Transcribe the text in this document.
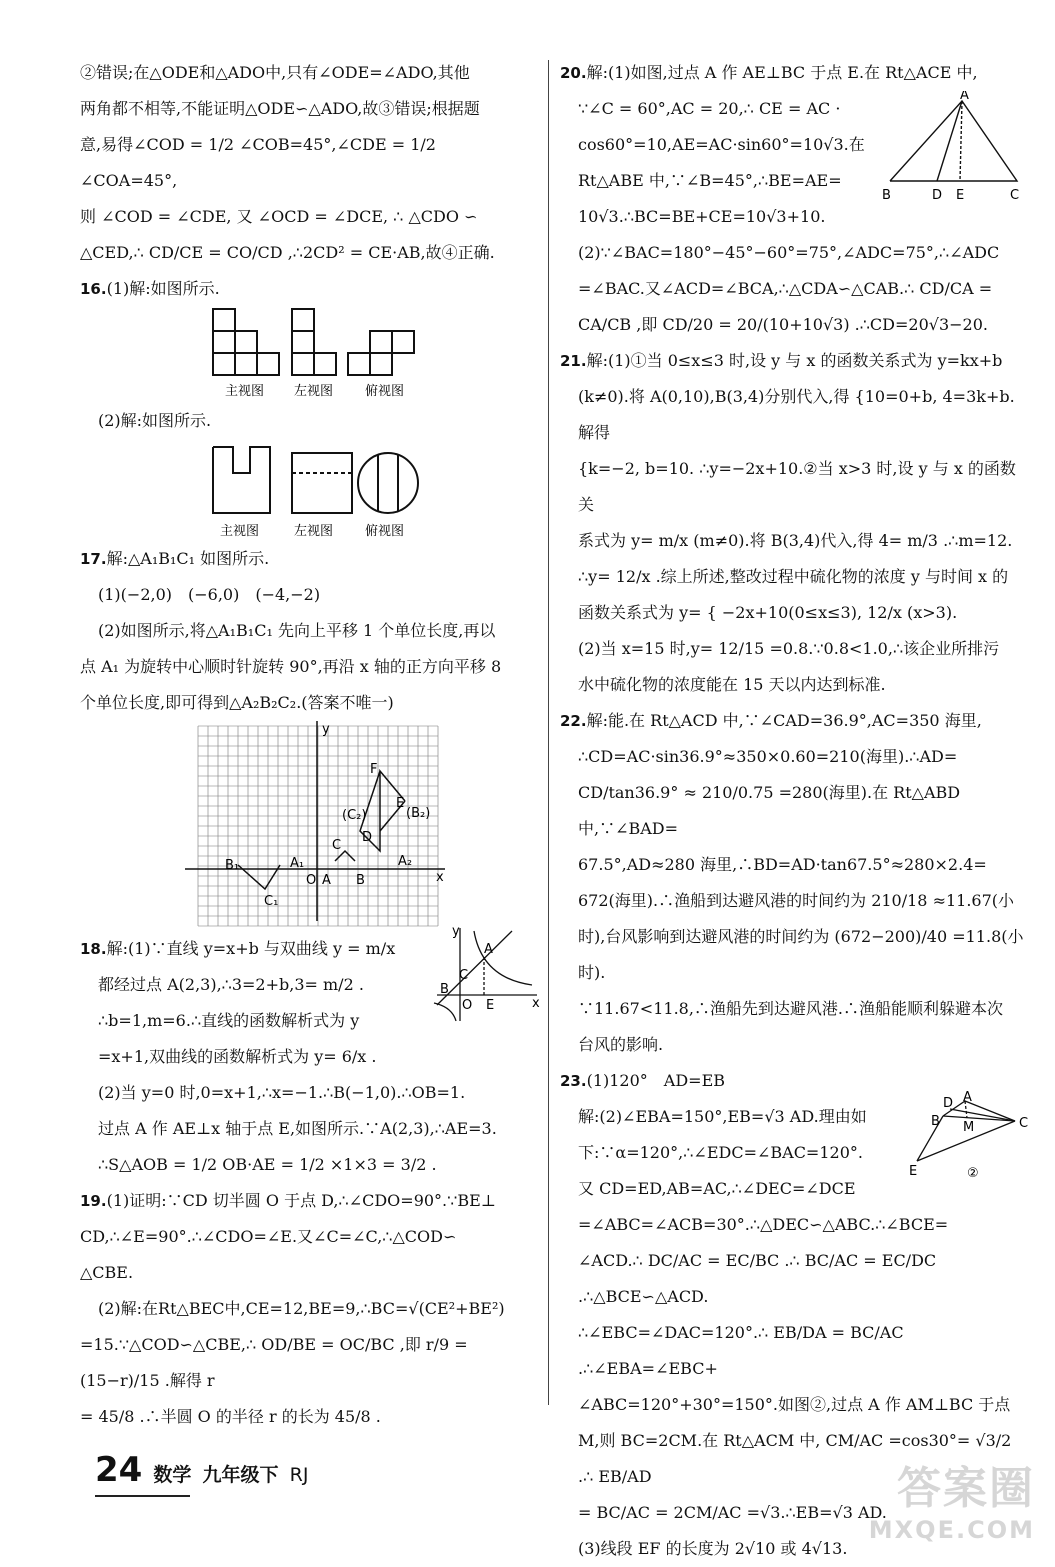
②错误;在△ODE和△ADO中,只有∠ODE=∠ADO,其他

两角都不相等,不能证明△ODE∽△ADO,故③错误;根据题

意,易得∠COD = 1/2 ∠COB=45°,∠CDE = 1/2 ∠COA=45°,

则 ∠COD = ∠CDE, 又 ∠OCD = ∠DCE, ∴ △CDO ∽

△CED,∴ CD/CE = CO/CD ,∴2CD² = CE·AB,故④正确.

16.(1)解:如图所示.

主视图 左视图 俯视图

(2)解:如图所示.

主视图	左视图 俯视图

17.解:△A₁B₁C₁ 如图所示.

(1)(−2,0)　(−6,0)　(−4,−2)

(2)如图所示,将△A₁B₁C₁ 先向上平移 1 个单位长度,再以

点 A₁ 为旋转中心顺时针旋转 90°,再沿 x 轴的正方向平移 8

个单位长度,即可得到△A₂B₂C₂.(答案不唯一)

y
x
O A B
C
B₁	A₁
C₁
F
E
(B₂)
(C₂)
D
A₂

18.解:(1)∵直线 y=x+b 与双曲线 y = m/x

都经过点 A(2,3),∴3=2+b,3= m/2 .

∴b=1,m=6.∴直线的函数解析式为 y

=x+1,双曲线的函数解析式为 y= 6/x .

(2)当 y=0 时,0=x+1,∴x=−1.∴B(−1,0).∴OB=1.

过点 A 作 AE⊥x 轴于点 E,如图所示.∵A(2,3),∴AE=3.

∴S△AOB = 1/2 OB·AE = 1/2 ×1×3 = 3/2 .

y
x
A
C
B
O E

19.(1)证明:∵CD 切半圆 O 于点 D,∴∠CDO=90°.∵BE⊥

CD,∴∠E=90°.∴∠CDO=∠E.又∠C=∠C,∴△COD∽

△CBE.

(2)解:在Rt△BEC中,CE=12,BE=9,∴BC=√(CE²+BE²)

=15.∵△COD∽△CBE,∴ OD/BE = OC/BC ,即 r/9 = (15−r)/15 .解得 r

= 45/8 .∴半圆 O 的半径 r 的长为 45/8 .

20.解:(1)如图,过点 A 作 AE⊥BC 于点 E.在 Rt△ACE 中,

∵∠C = 60°,AC = 20,∴ CE = AC ·

cos60°=10,AE=AC·sin60°=10√3.在

Rt△ABE 中,∵∠B=45°,∴BE=AE=

10√3.∴BC=BE+CE=10√3+10.

(2)∵∠BAC=180°−45°−60°=75°,∠ADC=75°,∴∠ADC

=∠BAC.又∠ACD=∠BCA,∴△CDA∽△CAB.∴ CD/CA =

CA/CB ,即 CD/20 = 20/(10+10√3) .∴CD=20√3−20.

A
B	D E	C

21.解:(1)①当 0≤x≤3 时,设 y 与 x 的函数关系式为 y=kx+b

(k≠0).将 A(0,10),B(3,4)分别代入,得 {10=0+b, 4=3k+b.解得

{k=−2, b=10. ∴y=−2x+10.②当 x>3 时,设 y 与 x 的函数关

系式为 y= m/x (m≠0).将 B(3,4)代入,得 4= m/3 .∴m=12.

∴y= 12/x .综上所述,整改过程中硫化物的浓度 y 与时间 x 的

函数关系式为 y= { −2x+10(0≤x≤3), 12/x (x>3).

(2)当 x=15 时,y= 12/15 =0.8.∵0.8<1.0,∴该企业所排污

水中硫化物的浓度能在 15 天以内达到标准.

22.解:能.在 Rt△ACD 中,∵∠CAD=36.9°,AC=350 海里,

∴CD=AC·sin36.9°≈350×0.60=210(海里).∴AD=

CD/tan36.9° ≈ 210/0.75 =280(海里).在 Rt△ABD 中,∵∠BAD=

67.5°,AD≈280 海里,∴BD=AD·tan67.5°≈280×2.4=

672(海里).∴渔船到达避风港的时间约为 210/18 ≈11.67(小

时),台风影响到达避风港的时间约为 (672−200)/40 =11.8(小时).

∵11.67<11.8,∴渔船先到达避风港.∴渔船能顺利躲避本次

台风的影响.

23.(1)120°　AD=EB

解:(2)∠EBA=150°,EB=√3 AD.理由如

下:∵α=120°,∴∠EDC=∠BAC=120°.

又 CD=ED,AB=AC,∴∠DEC=∠DCE

=∠ABC=∠ACB=30°.∴△DEC∽△ABC.∴∠BCE=

∠ACD.∴ DC/AC = EC/BC .∴ BC/AC = EC/DC .∴△BCE∽△ACD.

∴∠EBC=∠DAC=120°.∴ EB/DA = BC/AC .∴∠EBA=∠EBC+

∠ABC=120°+30°=150°.如图②,过点 A 作 AM⊥BC 于点

M,则 BC=2CM.在 Rt△ACM 中, CM/AC =cos30°= √3/2 .∴ EB/AD

= BC/AC = 2CM/AC =√3.∴EB=√3 AD.

(3)线段 EF 的长度为 2√10 或 4√13.

A
D
B M	C
E	②
24 数学 九年级下 RJ	答案圈
MXQE.COM
